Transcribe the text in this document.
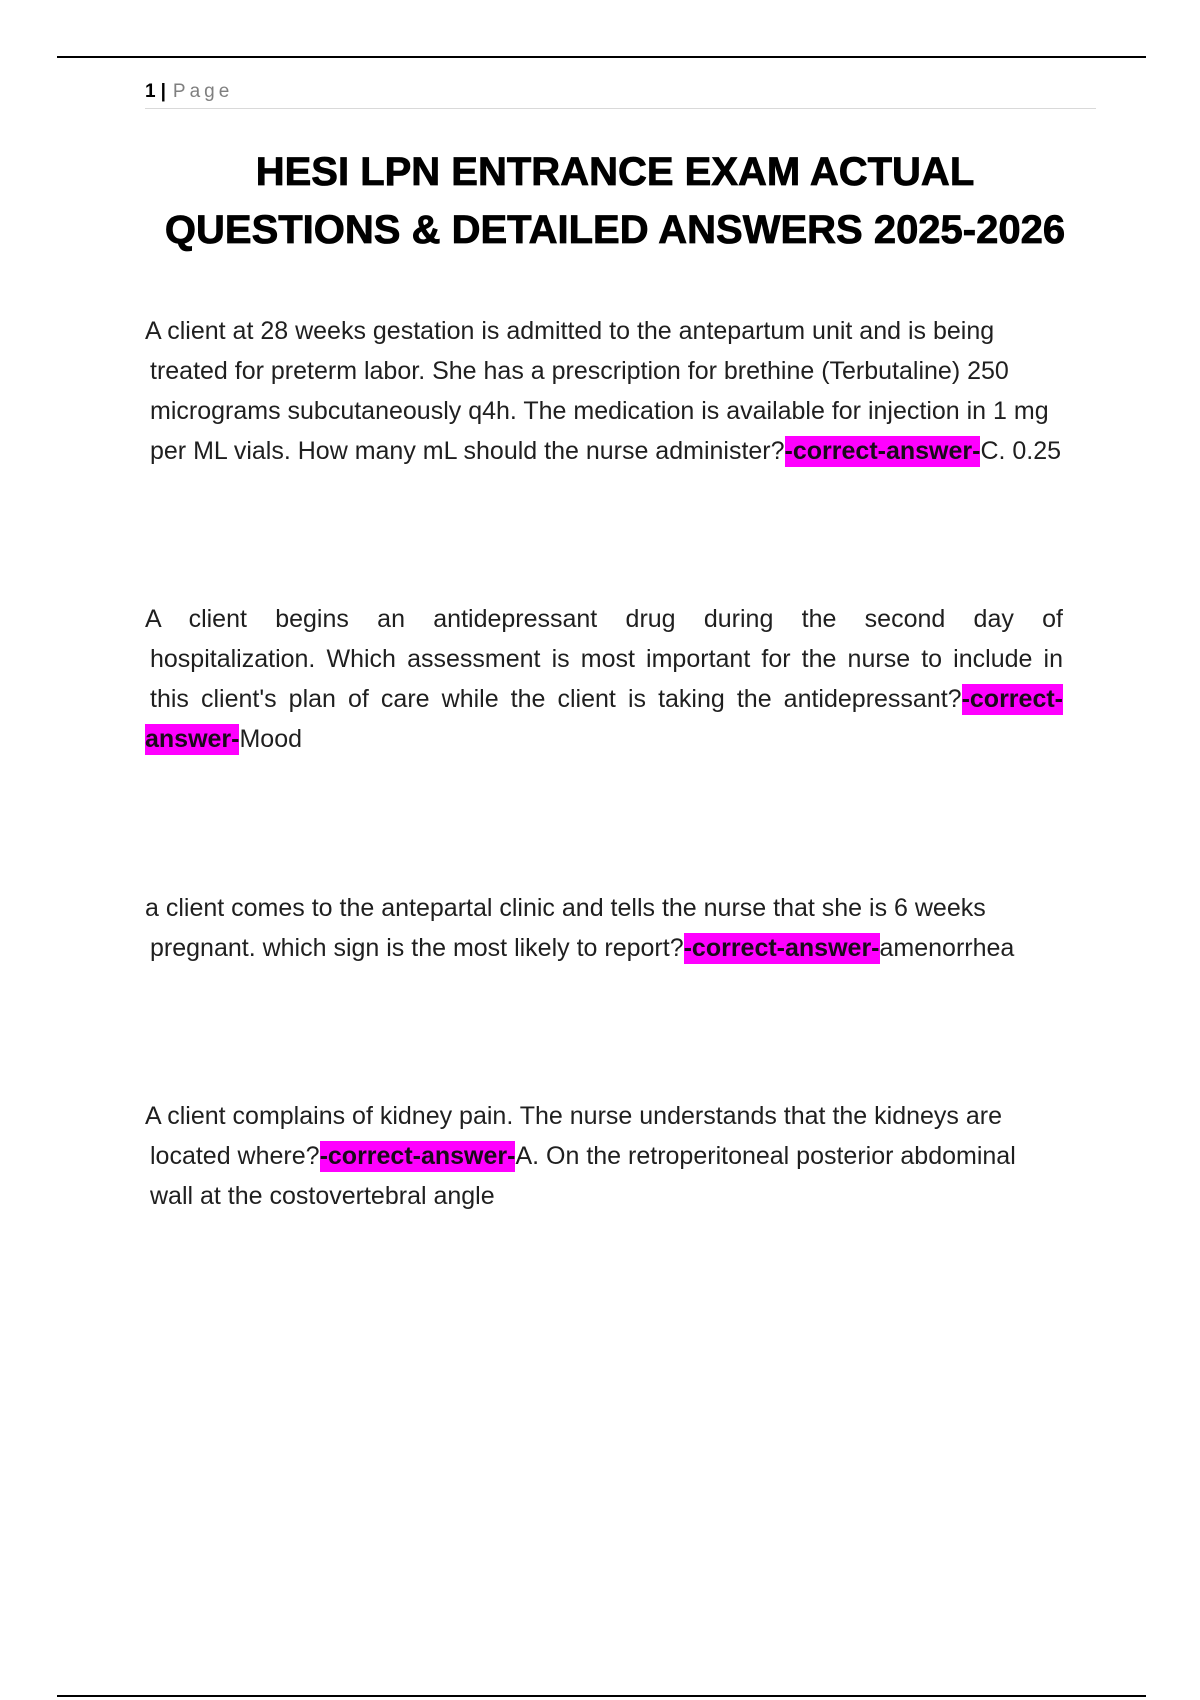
1 | Page
HESI LPN ENTRANCE EXAM ACTUAL
QUESTIONS & DETAILED ANSWERS 2025-2026
A client at 28 weeks gestation is admitted to the antepartum unit and is being
treated for preterm labor. She has a prescription for brethine (Terbutaline) 250
micrograms subcutaneously q4h. The medication is available for injection in 1 mg
per ML vials. How many mL should the nurse administer?-correct-answer-C. 0.25
A client begins an antidepressant drug during the second day of
hospitalization. Which assessment is most important for the nurse to include in
this client's plan of care while the client is taking the antidepressant?-correct-answer-Mood
a client comes to the antepartal clinic and tells the nurse that she is 6 weeks
pregnant. which sign is the most likely to report?-correct-answer-amenorrhea
A client complains of kidney pain. The nurse understands that the kidneys are
located where?-correct-answer-A. On the retroperitoneal posterior abdominal wall at the costovertebral angle
